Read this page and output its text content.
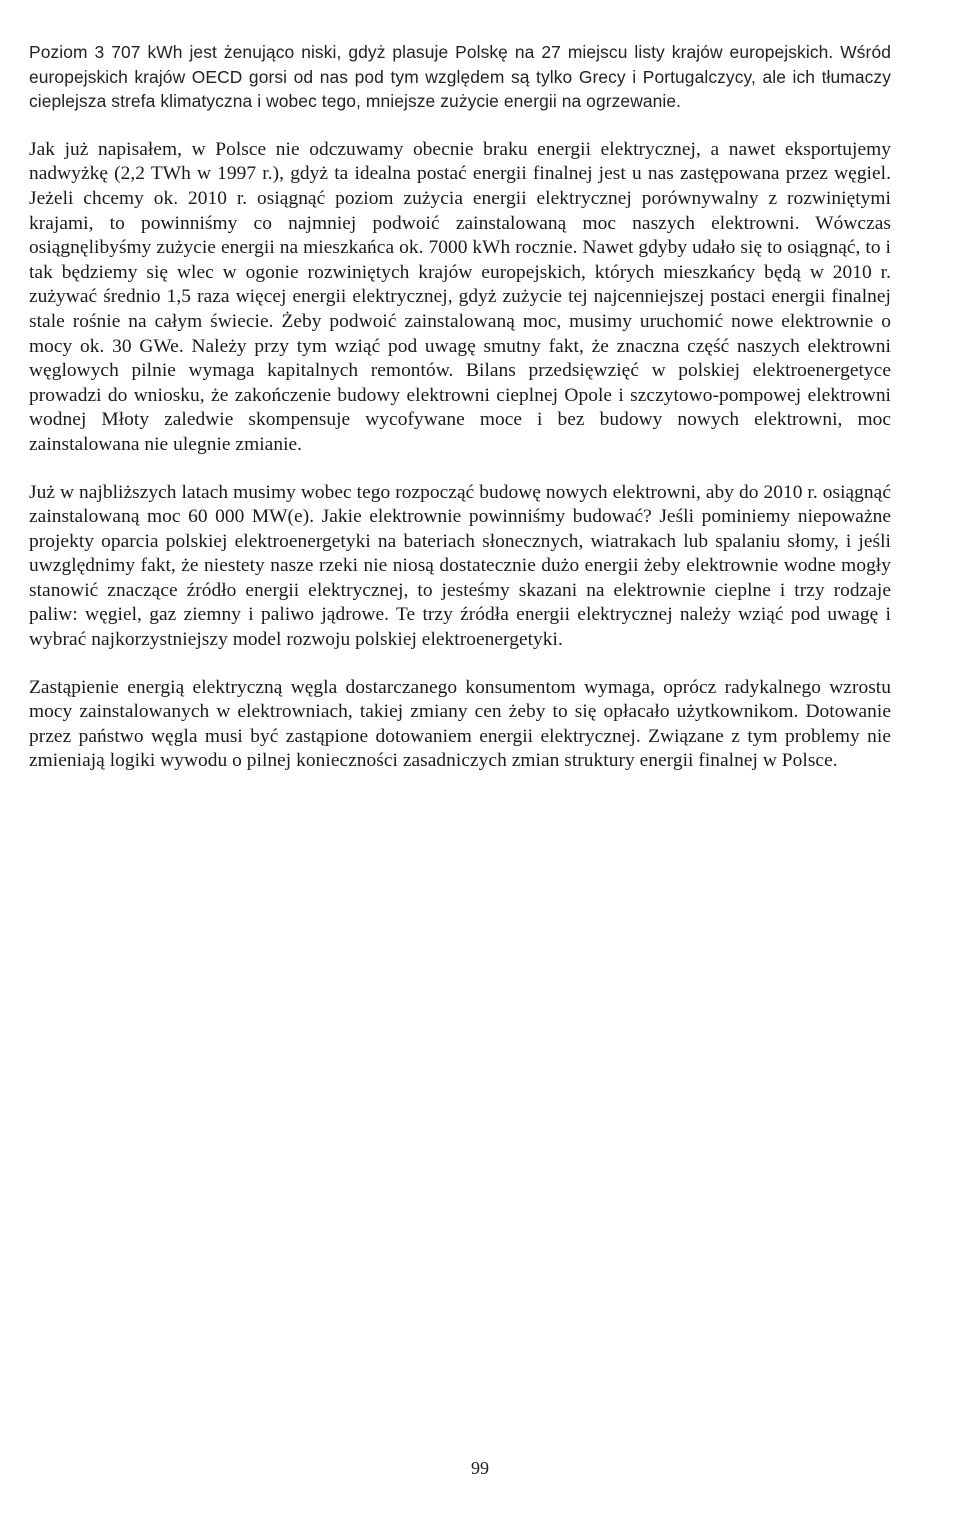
Poziom 3 707 kWh jest żenująco niski, gdyż plasuje Polskę na 27 miejscu listy krajów europejskich. Wśród europejskich krajów OECD gorsi od nas pod tym względem są tylko Grecy i Portugalczycy, ale ich tłumaczy cieplejsza strefa klimatyczna i wobec tego, mniejsze zużycie energii na ogrzewanie.

Jak już napisałem, w Polsce nie odczuwamy obecnie braku energii elektrycznej, a nawet eksportujemy nadwyżkę (2,2 TWh w 1997 r.), gdyż ta idealna postać energii finalnej jest u nas zastępowana przez węgiel. Jeżeli chcemy ok. 2010 r. osiągnąć poziom zużycia energii elektrycznej porównywalny z rozwiniętymi krajami, to powinniśmy co najmniej podwoić zainstalowaną moc naszych elektrowni. Wówczas osiągnęlibyśmy zużycie energii na mieszkańca ok. 7000 kWh rocznie. Nawet gdyby udało się to osiągnąć, to i tak będziemy się wlec w ogonie rozwiniętych krajów europejskich, których mieszkańcy będą w 2010 r. zużywać średnio 1,5 raza więcej energii elektrycznej, gdyż zużycie tej najcenniejszej postaci energii finalnej stale rośnie na całym świecie. Żeby podwoić zainstalowaną moc, musimy uruchomić nowe elektrownie o mocy ok. 30 GWe. Należy przy tym wziąć pod uwagę smutny fakt, że znaczna część naszych elektrowni węglowych pilnie wymaga kapitalnych remontów. Bilans przedsięwzięć w polskiej elektroenergetyce prowadzi do wniosku, że zakończenie budowy elektrowni cieplnej Opole i szczytowo-pompowej elektrowni wodnej Młoty zaledwie skompensuje wycofywane moce i bez budowy nowych elektrowni, moc zainstalowana nie ulegnie zmianie.

Już w najbliższych latach musimy wobec tego rozpocząć budowę nowych elektrowni, aby do 2010 r. osiągnąć zainstalowaną moc 60 000 MW(e). Jakie elektrownie powinniśmy budować? Jeśli pominiemy niepoważne projekty oparcia polskiej elektroenergetyki na bateriach słonecznych, wiatrakach lub spalaniu słomy, i jeśli uwzględnimy fakt, że niestety nasze rzeki nie niosą dostatecznie dużo energii żeby elektrownie wodne mogły stanowić znaczące źródło energii elektrycznej, to jesteśmy skazani na elektrownie cieplne i trzy rodzaje paliw: węgiel, gaz ziemny i paliwo jądrowe. Te trzy źródła energii elektrycznej należy wziąć pod uwagę i wybrać najkorzystniejszy model rozwoju polskiej elektroenergetyki.

Zastąpienie energią elektryczną węgla dostarczanego konsumentom wymaga, oprócz radykalnego wzrostu mocy zainstalowanych w elektrowniach, takiej zmiany cen żeby to się opłacało użytkownikom. Dotowanie przez państwo węgla musi być zastąpione dotowaniem energii elektrycznej. Związane z tym problemy nie zmieniają logiki wywodu o pilnej konieczności zasadniczych zmian struktury energii finalnej w Polsce.

99
